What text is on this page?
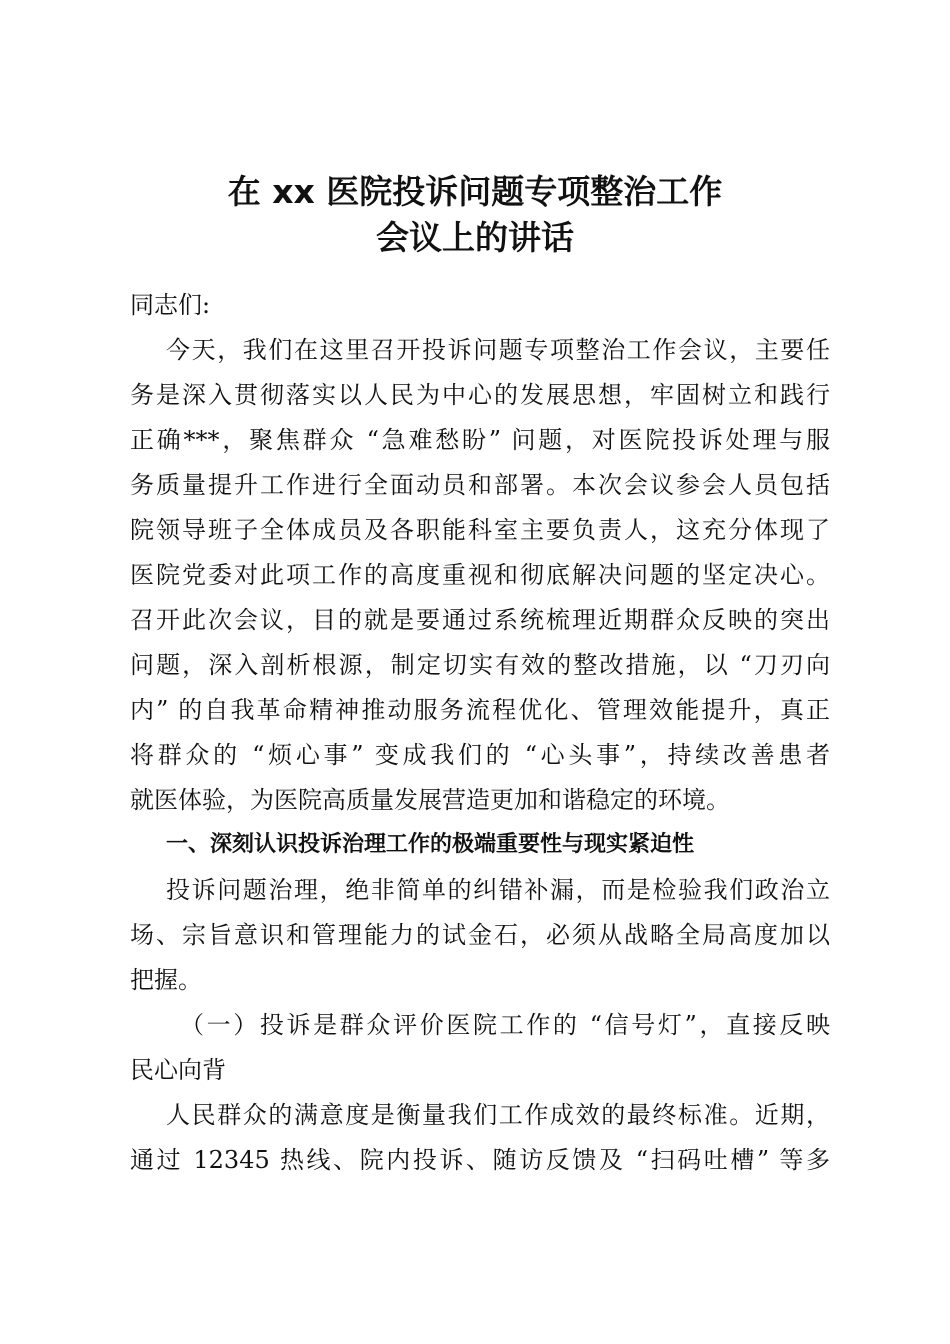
在 xx 医院投诉问题专项整治工作
会议上的讲话
同志们:
今天，我们在这里召开投诉问题专项整治工作会议，主要任
务是深入贯彻落实以人民为中心的发展思想，牢固树立和践行
正确***，聚焦群众 “急难愁盼” 问题，对医院投诉处理与服
务质量提升工作进行全面动员和部署。本次会议参会人员包括
院领导班子全体成员及各职能科室主要负责人，这充分体现了
医院党委对此项工作的高度重视和彻底解决问题的坚定决心。
召开此次会议，目的就是要通过系统梳理近期群众反映的突出
问题，深入剖析根源，制定切实有效的整改措施，以 “刀刃向
内” 的自我革命精神推动服务流程优化、管理效能提升，真正
将群众的 “烦心事” 变成我们的 “心头事”，持续改善患者
就医体验，为医院高质量发展营造更加和谐稳定的环境。
一、深刻认识投诉治理工作的极端重要性与现实紧迫性
投诉问题治理，绝非简单的纠错补漏，而是检验我们政治立
场、宗旨意识和管理能力的试金石，必须从战略全局高度加以
把握。
（一）投诉是群众评价医院工作的 “信号灯”，直接反映
民心向背
人民群众的满意度是衡量我们工作成效的最终标准。近期，
通过 12345 热线、院内投诉、随访反馈及 “扫码吐槽” 等多
